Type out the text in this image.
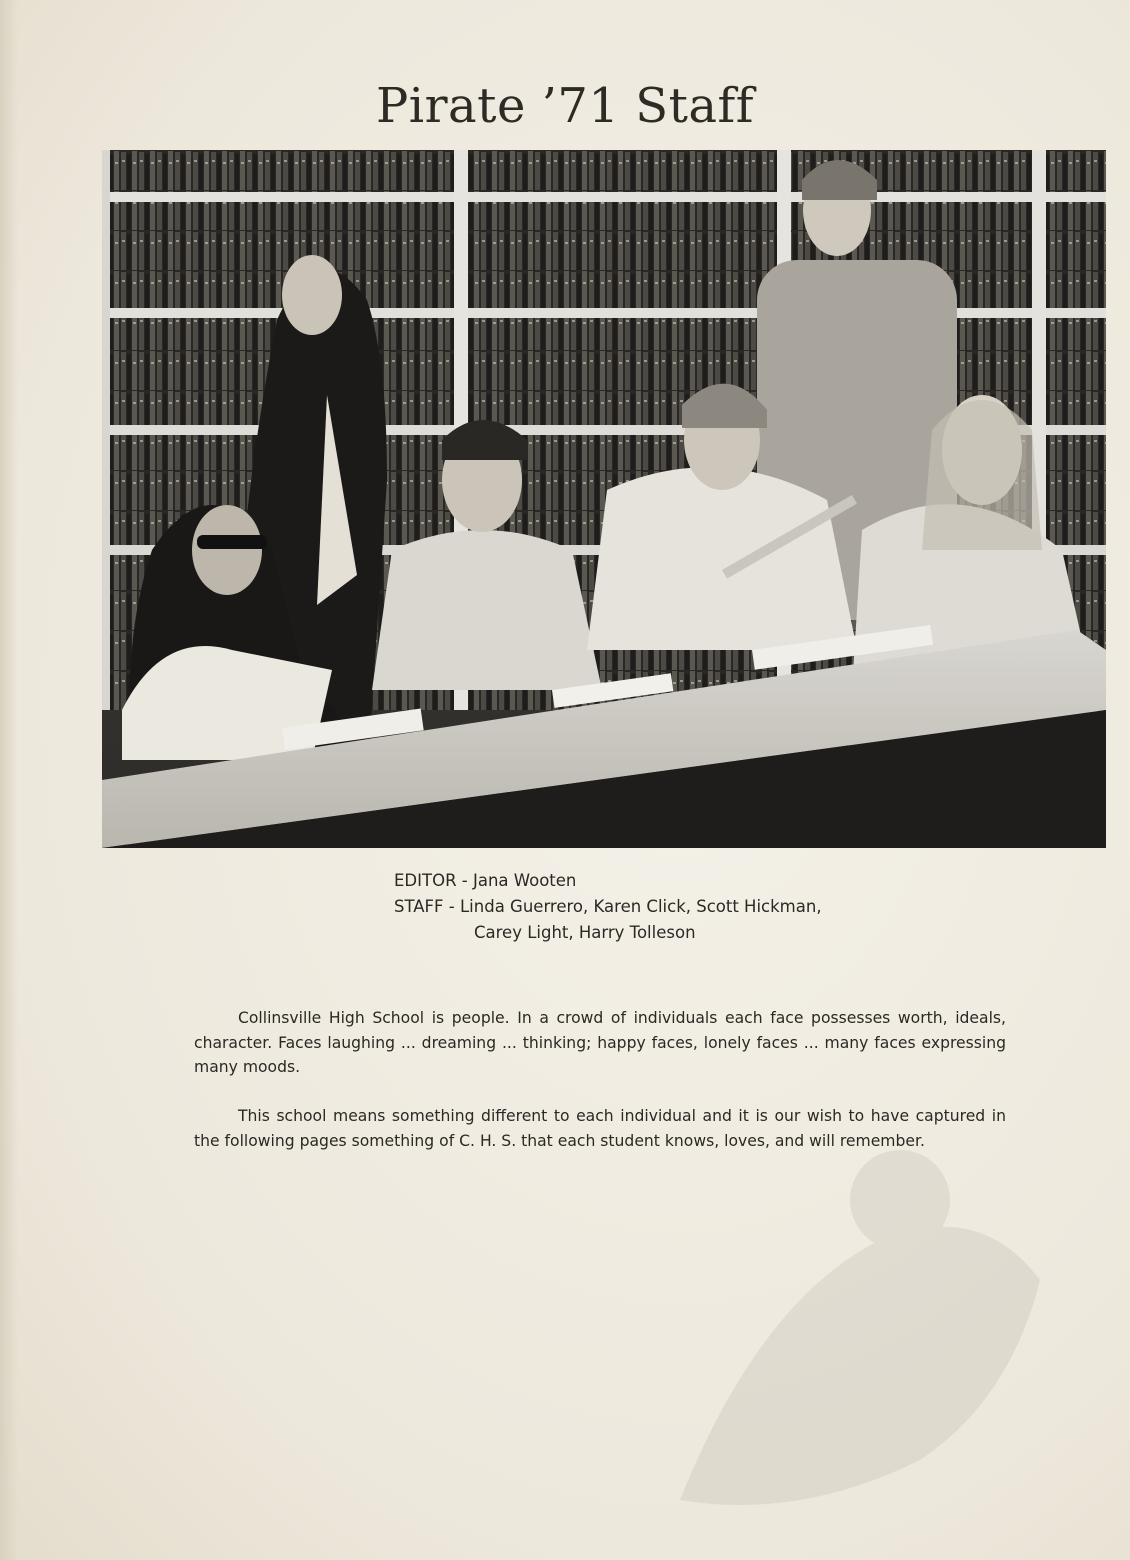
Pirate ’71 Staff
EDITOR - Jana Wooten
STAFF - Linda Guerrero, Karen Click, Scott Hickman,
Carey Light, Harry Tolleson

Collinsville High School is people. In a crowd of individuals each face possesses worth, ideals, character. Faces laughing ... dreaming ... thinking; happy faces, lonely faces ... many faces expressing many moods.

This school means something different to each individual and it is our wish to have captured in the following pages something of C. H. S. that each student knows, loves, and will remember.
